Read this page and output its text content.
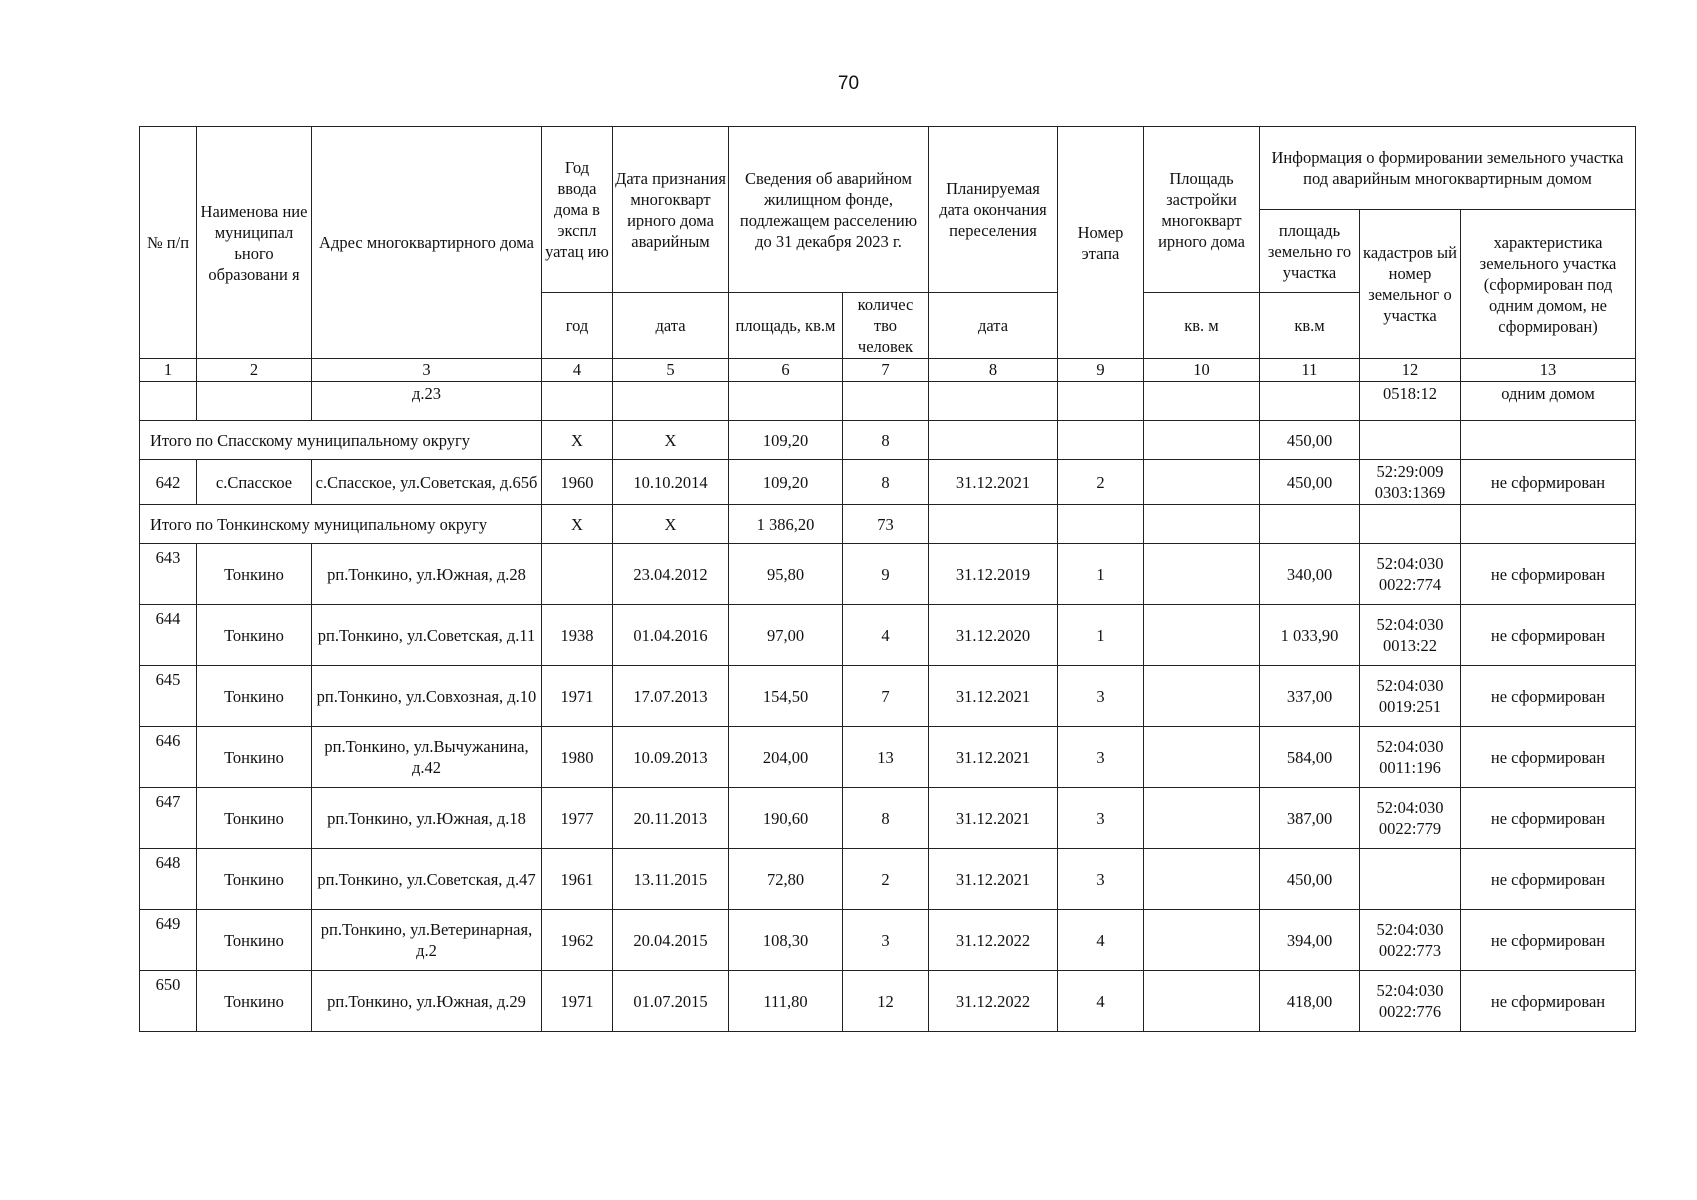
70
№ п/п	Наименова ние муниципал ьного образовани я	Адрес многоквартирного дома	Год ввода дома в экспл уатац ию	Дата признания многокварт ирного дома аварийным	Сведения об аварийном жилищном фонде, подлежащем расселению до 31 декабря 2023 г.		Планируемая дата окончания переселения	Номер этапа	Площадь застройки многокварт ирного дома	Информация о формировании земельного участка под аварийным многоквартирным домом		
										площадь земельно го участка	кадастров ый номер земельног о участка	характеристика земельного участка (сформирован под одним домом, не сформирован)
			год	дата	площадь, кв.м	количес тво человек	дата		кв. м	кв.м		
1	2	3	4	5	6	7	8	9	10	11	12	13
		д.23									0518:12	одним домом
Итого по Спасскому муниципальному округу			Х	Х	109,20	8				450,00		
642	с.Спасское	с.Спасское, ул.Советская, д.65б	1960	10.10.2014	109,20	8	31.12.2021	2		450,00	52:29:009 0303:1369	не сформирован
Итого по Тонкинскому муниципальному округу			Х	Х	1 386,20	73						
643	Тонкино	рп.Тонкино, ул.Южная, д.28		23.04.2012	95,80	9	31.12.2019	1		340,00	52:04:030 0022:774	не сформирован
644	Тонкино	рп.Тонкино, ул.Советская, д.11	1938	01.04.2016	97,00	4	31.12.2020	1		1 033,90	52:04:030 0013:22	не сформирован
645	Тонкино	рп.Тонкино, ул.Совхозная, д.10	1971	17.07.2013	154,50	7	31.12.2021	3		337,00	52:04:030 0019:251	не сформирован
646	Тонкино	рп.Тонкино, ул.Вычужанина, д.42	1980	10.09.2013	204,00	13	31.12.2021	3		584,00	52:04:030 0011:196	не сформирован
647	Тонкино	рп.Тонкино, ул.Южная, д.18	1977	20.11.2013	190,60	8	31.12.2021	3		387,00	52:04:030 0022:779	не сформирован
648	Тонкино	рп.Тонкино, ул.Советская, д.47	1961	13.11.2015	72,80	2	31.12.2021	3		450,00		не сформирован
649	Тонкино	рп.Тонкино, ул.Ветеринарная, д.2	1962	20.04.2015	108,30	3	31.12.2022	4		394,00	52:04:030 0022:773	не сформирован
650	Тонкино	рп.Тонкино, ул.Южная, д.29	1971	01.07.2015	111,80	12	31.12.2022	4		418,00	52:04:030 0022:776	не сформирован
